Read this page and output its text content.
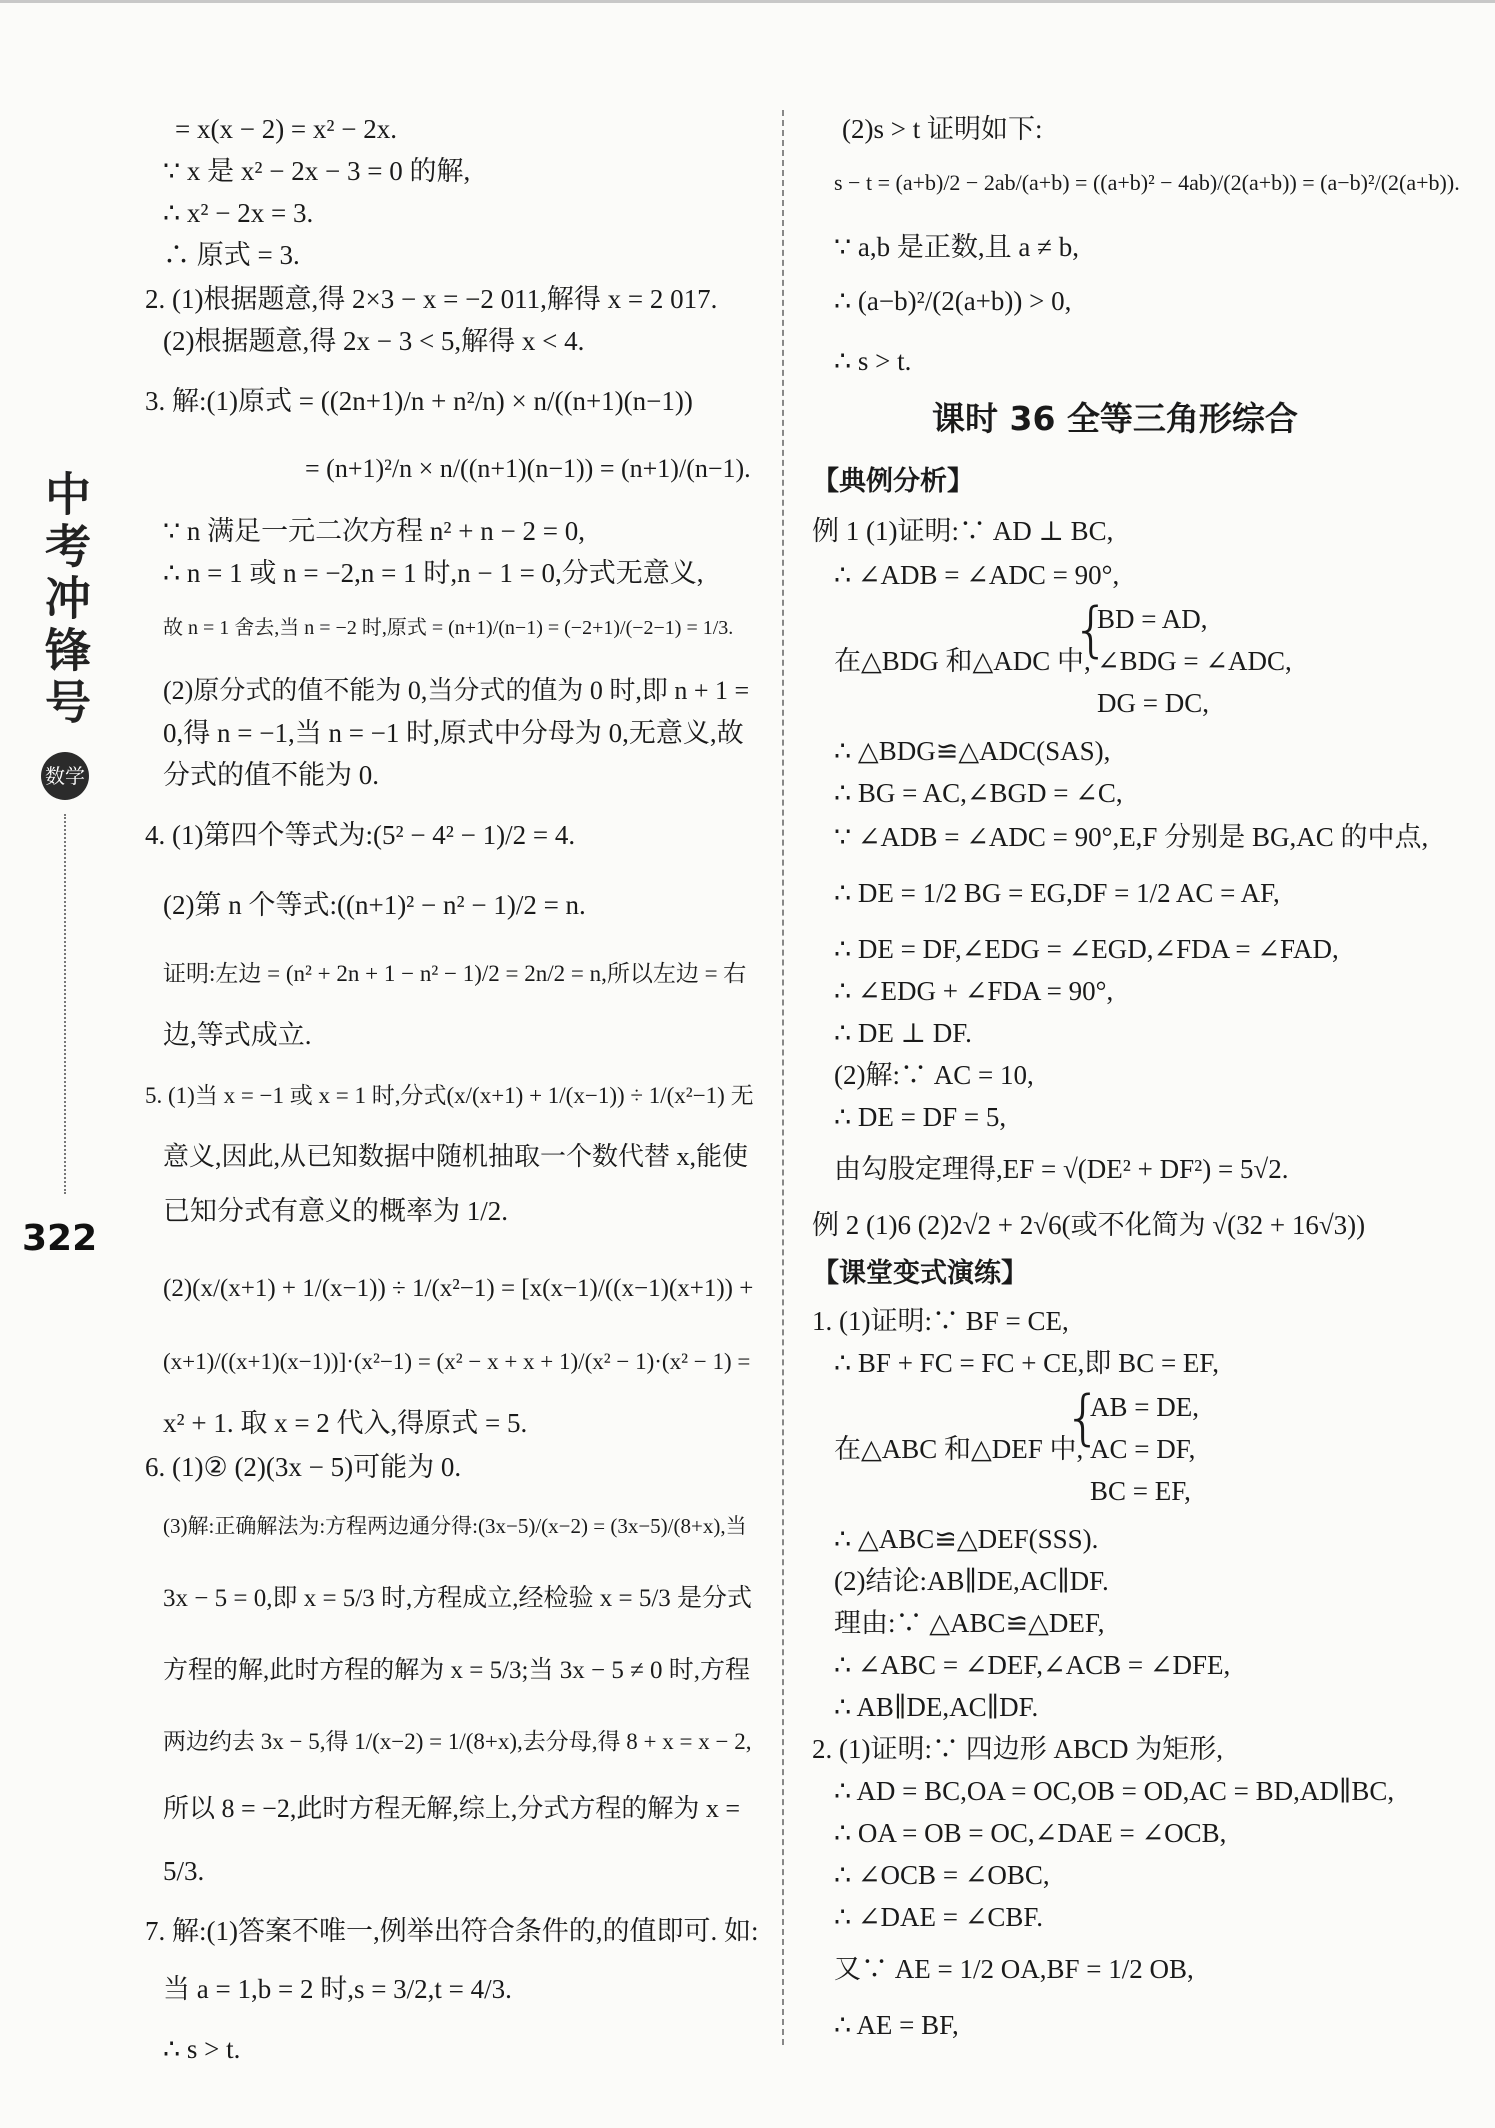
中考冲锋号
数学
322
= x(x − 2) = x² − 2x.
∵ x 是 x² − 2x − 3 = 0 的解,
∴ x² − 2x = 3.
∴ 原式 = 3.
2. (1)根据题意,得 2×3 − x = −2 011,解得 x = 2 017.
(2)根据题意,得 2x − 3 < 5,解得 x < 4.
3. 解:(1)原式 = ((2n+1)/n + n²/n) × n/((n+1)(n−1))
= (n+1)²/n × n/((n+1)(n−1)) = (n+1)/(n−1).
∵ n 满足一元二次方程 n² + n − 2 = 0,
∴ n = 1 或 n = −2,n = 1 时,n − 1 = 0,分式无意义,
故 n = 1 舍去,当 n = −2 时,原式 = (n+1)/(n−1) = (−2+1)/(−2−1) = 1/3.
(2)原分式的值不能为 0,当分式的值为 0 时,即 n + 1 =
0,得 n = −1,当 n = −1 时,原式中分母为 0,无意义,故
分式的值不能为 0.
4. (1)第四个等式为:(5² − 4² − 1)/2 = 4.
(2)第 n 个等式:((n+1)² − n² − 1)/2 = n.
证明:左边 = (n² + 2n + 1 − n² − 1)/2 = 2n/2 = n,所以左边 = 右
边,等式成立.
5. (1)当 x = −1 或 x = 1 时,分式(x/(x+1) + 1/(x−1)) ÷ 1/(x²−1) 无
意义,因此,从已知数据中随机抽取一个数代替 x,能使
已知分式有意义的概率为 1/2.
(2)(x/(x+1) + 1/(x−1)) ÷ 1/(x²−1) = [x(x−1)/((x−1)(x+1)) +
(x+1)/((x+1)(x−1))]·(x²−1) = (x² − x + x + 1)/(x² − 1)·(x² − 1) =
x² + 1. 取 x = 2 代入,得原式 = 5.
6. (1)② (2)(3x − 5)可能为 0.
(3)解:正确解法为:方程两边通分得:(3x−5)/(x−2) = (3x−5)/(8+x),当
3x − 5 = 0,即 x = 5/3 时,方程成立,经检验 x = 5/3 是分式
方程的解,此时方程的解为 x = 5/3;当 3x − 5 ≠ 0 时,方程
两边约去 3x − 5,得 1/(x−2) = 1/(8+x),去分母,得 8 + x = x − 2,
所以 8 = −2,此时方程无解,综上,分式方程的解为 x =
5/3.
7. 解:(1)答案不唯一,例举出符合条件的,的值即可. 如:
当 a = 1,b = 2 时,s = 3/2,t = 4/3.
∴ s > t.
(2)s > t 证明如下:
s − t = (a+b)/2 − 2ab/(a+b) = ((a+b)² − 4ab)/(2(a+b)) = (a−b)²/(2(a+b)).
∵ a,b 是正数,且 a ≠ b,
∴ (a−b)²/(2(a+b)) > 0,
∴ s > t.
课时 36 全等三角形综合
【典例分析】
例 1 (1)证明:∵ AD ⊥ BC,
∴ ∠ADB = ∠ADC = 90°,
在△BDG 和△ADC 中,
{
BD = AD,
∠BDG = ∠ADC,
DG = DC,
∴ △BDG≌△ADC(SAS),
∴ BG = AC,∠BGD = ∠C,
∵ ∠ADB = ∠ADC = 90°,E,F 分别是 BG,AC 的中点,
∴ DE = 1/2 BG = EG,DF = 1/2 AC = AF,
∴ DE = DF,∠EDG = ∠EGD,∠FDA = ∠FAD,
∴ ∠EDG + ∠FDA = 90°,
∴ DE ⊥ DF.
(2)解:∵ AC = 10,
∴ DE = DF = 5,
由勾股定理得,EF = √(DE² + DF²) = 5√2.
例 2 (1)6 (2)2√2 + 2√6(或不化简为 √(32 + 16√3))
【课堂变式演练】
1. (1)证明:∵ BF = CE,
∴ BF + FC = FC + CE,即 BC = EF,
在△ABC 和△DEF 中,
{
AB = DE,
AC = DF,
BC = EF,
∴ △ABC≌△DEF(SSS).
(2)结论:AB∥DE,AC∥DF.
理由:∵ △ABC≌△DEF,
∴ ∠ABC = ∠DEF,∠ACB = ∠DFE,
∴ AB∥DE,AC∥DF.
2. (1)证明:∵ 四边形 ABCD 为矩形,
∴ AD = BC,OA = OC,OB = OD,AC = BD,AD∥BC,
∴ OA = OB = OC,∠DAE = ∠OCB,
∴ ∠OCB = ∠OBC,
∴ ∠DAE = ∠CBF.
又∵ AE = 1/2 OA,BF = 1/2 OB,
∴ AE = BF,
